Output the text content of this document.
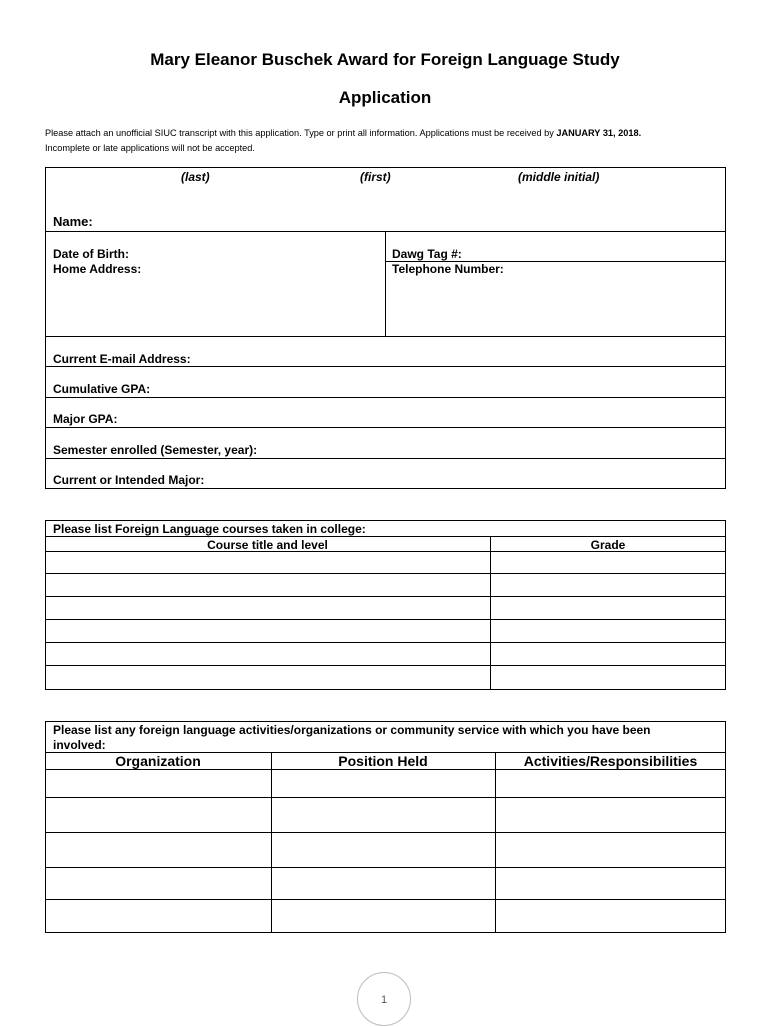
Mary Eleanor Buschek Award for Foreign Language Study
Application
Please attach an unofficial SIUC transcript with this application. Type or print all information. Applications must be received by JANUARY 31, 2018.
Incomplete or late applications will not be accepted.
(last)	(first)	(middle initial)
Name:
Date of Birth:	Dawg Tag #:
Home Address:	Telephone Number:
Current E-mail Address:
Cumulative GPA:
Major GPA:
Semester enrolled (Semester, year):
Current or Intended Major:
Please list Foreign Language courses taken in college:
Course title and level	Grade
Please list any foreign language activities/organizations or community service with which you have been
involved:
Organization	Position Held	Activities/Responsibilities
1
